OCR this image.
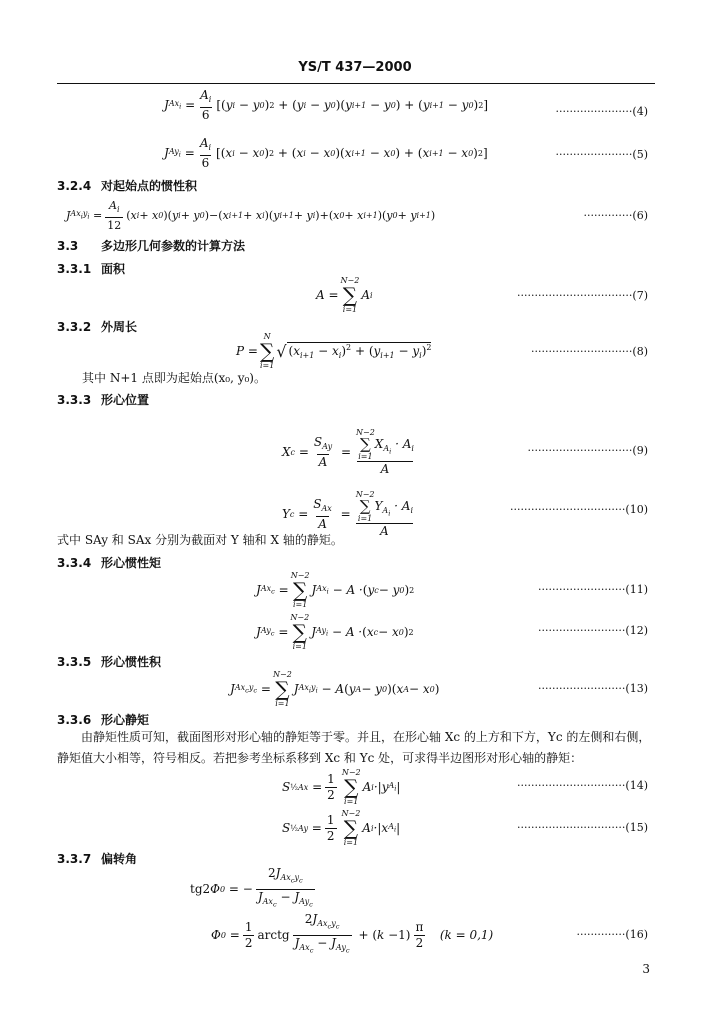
YS/T 437—2000
J $Ax_i = \frac{A_i}{6}$ [( y i − y 0 ) 2 + ( y i − y 0 )( y i+1 − y 0 ) + ( y i+1 − y 0 ) 2 ]	······················(4)
J $Ay_i = \frac{A_i}{6}$ [( x i − x 0 ) 2 + ( x i − x 0 )( x i+1 − x 0 ) + ( x i+1 − x 0 ) 2 ]	······················(5)
3.2.4 对起始点的惯性积
J $Ax_iy_i = \frac{A_i}{12}$ ( x i + x 0 )( y i + y 0 ) − ( x i+1 + x i )( y i+1 + y i ) + ( x 0 + x i+1 )( y 0 + y i+1 )	··············(6)
3.3 多边形几何参数的计算方法
3.3.1 面积
A =
N−2
∑
i=1
A i	·································(7)
3.3.2 外周长
P =
N
∑
i=1
√ $(x_{i+1} - x_i)^2 + (y_{i+1} - y_i)^2$	·····························(8)
其中 N+1 点即为起始点(x₀, y₀)。
3.3.3 形心位置
X $c = \frac{S_{Ay}}{A} = N-2$
∑
i=1
$X_{A_i} \cdot A_i$
A	······························(9)
Y $c = \frac{S_{Ax}}{A} = N-2$
∑
i=1
$Y_{A_i} \cdot A_i$
A	·································(10)
式中 SAy 和 SAx 分别为截面对 Y 轴和 X 轴的静矩。
3.3.4 形心惯性矩
J $Ax_c$ =
N−2
∑
i=1
J $Ax_i - A$ · ( y c − y 0 ) 2	·························(11)
J $Ay_c$ =
N−2
∑
i=1
J $Ay_i - A$ · ( x c − x 0 ) 2	·························(12)
3.3.5 形心惯性积
J $Ax_cy_c$ =
N−2
∑
i=1
J $Ax_iy_i - A$ ( y A − y 0 )( x A − x 0 )	·························(13)
3.3.6 形心静矩
由静矩性质可知，截面图形对形心轴的静矩等于零。并且，在形心轴 Xc 的上方和下方，Yc 的左侧和右侧，静矩值大小相等，符号相反。若把参考坐标系移到 Xc 和 Yc 处，可求得半边图形对形心轴的静矩：
S ½Ax = $\frac{1}{2} N-2$
∑
i=1
A i · | y $A_i$ |	·······························(14)
S ½Ay = $\frac{1}{2} N-2$
∑
i=1
A i · | x $A_i$ |	·······························(15)
3.3.7 偏转角
tg2 Φ 0 = − $\frac{2J_{Ax_cy_c}}{J_{Ax_c} - J_{Ay_c}}$
Φ $0 = \frac{1}{2}$ arctg $\frac{2J_{Ax_cy_c}}{J_{Ax_c} - J_{Ay_c}}$ + ( $k - 1) \frac{\pi}{2}$
(k = 0,1)	··············(16)
3
